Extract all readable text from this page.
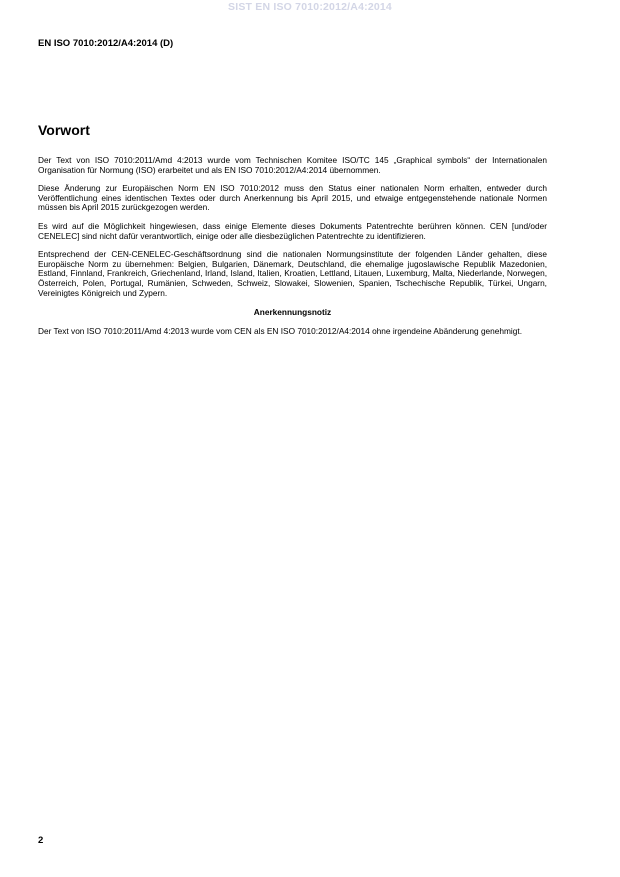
SIST EN ISO 7010:2012/A4:2014
EN ISO 7010:2012/A4:2014 (D)
Vorwort

Der Text von ISO 7010:2011/Amd 4:2013 wurde vom Technischen Komitee ISO/TC 145 „Graphical symbols“ der Internationalen Organisation für Normung (ISO) erarbeitet und als EN ISO 7010:2012/A4:2014 übernommen.

Diese Änderung zur Europäischen Norm EN ISO 7010:2012 muss den Status einer nationalen Norm erhalten, entweder durch Veröffentlichung eines identischen Textes oder durch Anerkennung bis April 2015, und etwaige entgegenstehende nationale Normen müssen bis April 2015 zurückgezogen werden.

Es wird auf die Möglichkeit hingewiesen, dass einige Elemente dieses Dokuments Patentrechte berühren können. CEN [und/oder CENELEC] sind nicht dafür verantwortlich, einige oder alle diesbezüglichen Patentrechte zu identifizieren.

Entsprechend der CEN-CENELEC-Geschäftsordnung sind die nationalen Normungsinstitute der folgenden Länder gehalten, diese Europäische Norm zu übernehmen: Belgien, Bulgarien, Dänemark, Deutschland, die ehemalige jugoslawische Republik Mazedonien, Estland, Finnland, Frankreich, Griechenland, Irland, Island, Italien, Kroatien, Lettland, Litauen, Luxemburg, Malta, Niederlande, Norwegen, Österreich, Polen, Portugal, Rumänien, Schweden, Schweiz, Slowakei, Slowenien, Spanien, Tschechische Republik, Türkei, Ungarn, Vereinigtes Königreich und Zypern.

Anerkennungsnotiz

Der Text von ISO 7010:2011/Amd 4:2013 wurde vom CEN als EN ISO 7010:2012/A4:2014 ohne irgendeine Abänderung genehmigt.

2
